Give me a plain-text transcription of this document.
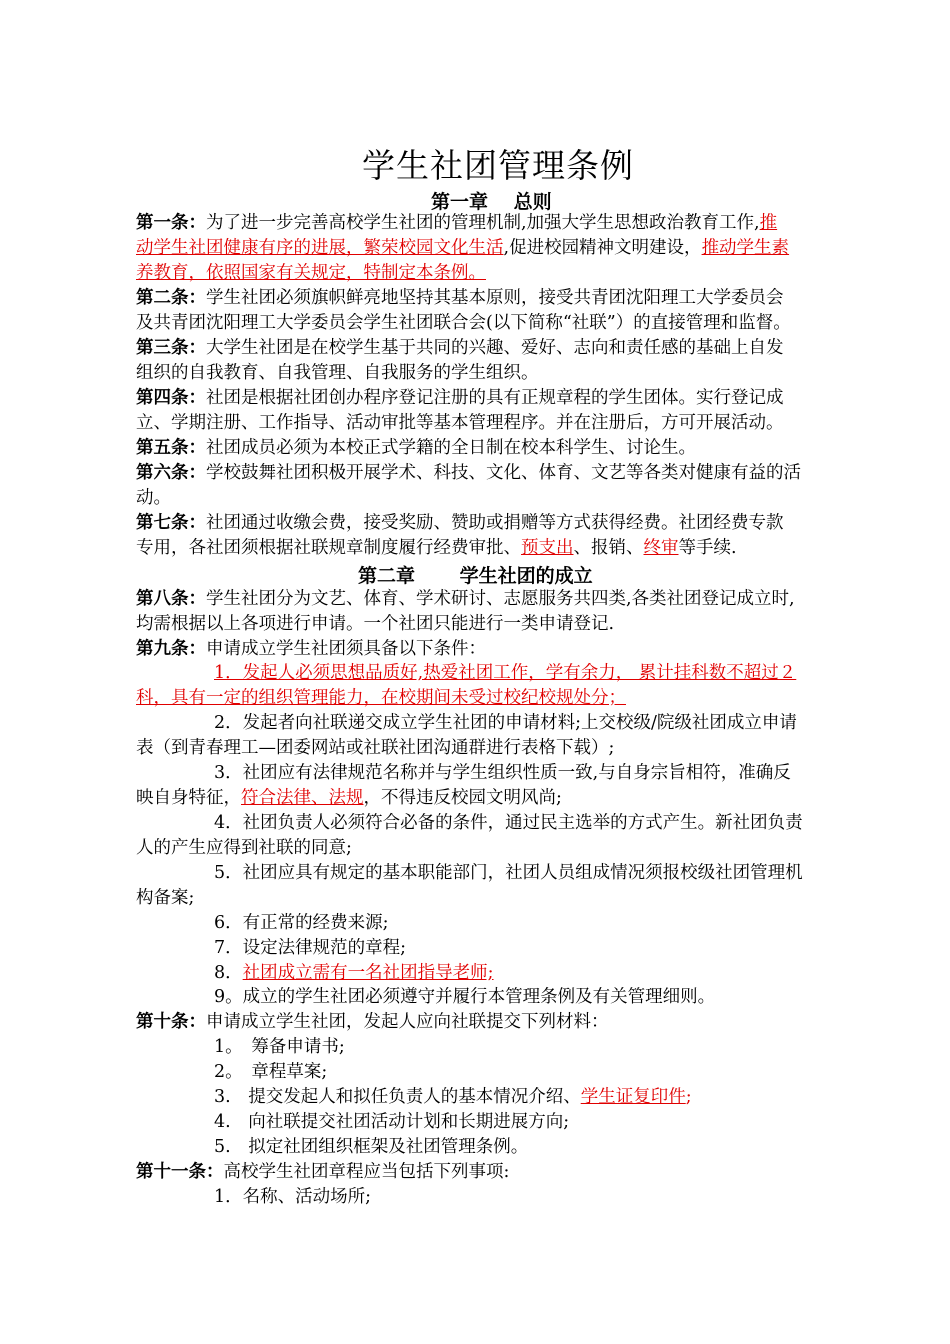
学生社团管理条例
第一章　 总则
第一条：为了进一步完善高校学生社团的管理机制,加强大学生思想政治教育工作,推
动学生社团健康有序的进展，繁荣校园文化生活,促进校园精神文明建设，推动学生素
养教育，依照国家有关规定，特制定本条例。
第二条：学生社团必须旗帜鲜亮地坚持其基本原则，接受共青团沈阳理工大学委员会
及共青团沈阳理工大学委员会学生社团联合会(以下简称“社联”）的直接管理和监督。
第三条：大学生社团是在校学生基于共同的兴趣、爱好、志向和责任感的基础上自发
组织的自我教育、自我管理、自我服务的学生组织。
第四条：社团是根据社团创办程序登记注册的具有正规章程的学生团体。实行登记成
立、学期注册、工作指导、活动审批等基本管理程序。并在注册后，方可开展活动。
第五条：社团成员必须为本校正式学籍的全日制在校本科学生、讨论生。
第六条：学校鼓舞社团积极开展学术、科技、文化、体育、文艺等各类对健康有益的活
动。
第七条：社团通过收缴会费，接受奖励、赞助或捐赠等方式获得经费。社团经费专款
专用，各社团须根据社联规章制度履行经费审批、预支出、报销、终审等手续.
第二章　　 学生社团的成立
第八条：学生社团分为文艺、体育、学术研讨、志愿服务共四类,各类社团登记成立时,
均需根据以上各项进行申请。一个社团只能进行一类申请登记.
第九条：申请成立学生社团须具备以下条件：
1．发起人必须思想品质好,热爱社团工作，学有余力， 累计挂科数不超过２
科，具有一定的组织管理能力，在校期间未受过校纪校规处分；
2．发起者向社联递交成立学生社团的申请材料;上交校级/院级社团成立申请
表（到青春理工—团委网站或社联社团沟通群进行表格下载）;
3．社团应有法律规范名称并与学生组织性质一致,与自身宗旨相符，准确反
映自身特征，符合法律、法规，不得违反校园文明风尚;
4．社团负责人必须符合必备的条件，通过民主选举的方式产生。新社团负责
人的产生应得到社联的同意;
5．社团应具有规定的基本职能部门，社团人员组成情况须报校级社团管理机
构备案;
6．有正常的经费来源;
7．设定法律规范的章程;
8．社团成立需有一名社团指导老师;
9。成立的学生社团必须遵守并履行本管理条例及有关管理细则。
第十条：申请成立学生社团，发起人应向社联提交下列材料：
1。　筹备申请书;
2。　章程草案;
3.　提交发起人和拟任负责人的基本情况介绍、学生证复印件;
4.　向社联提交社团活动计划和长期进展方向;
5.　拟定社团组织框架及社团管理条例。
第十一条：高校学生社团章程应当包括下列事项:
1．名称、活动场所;
